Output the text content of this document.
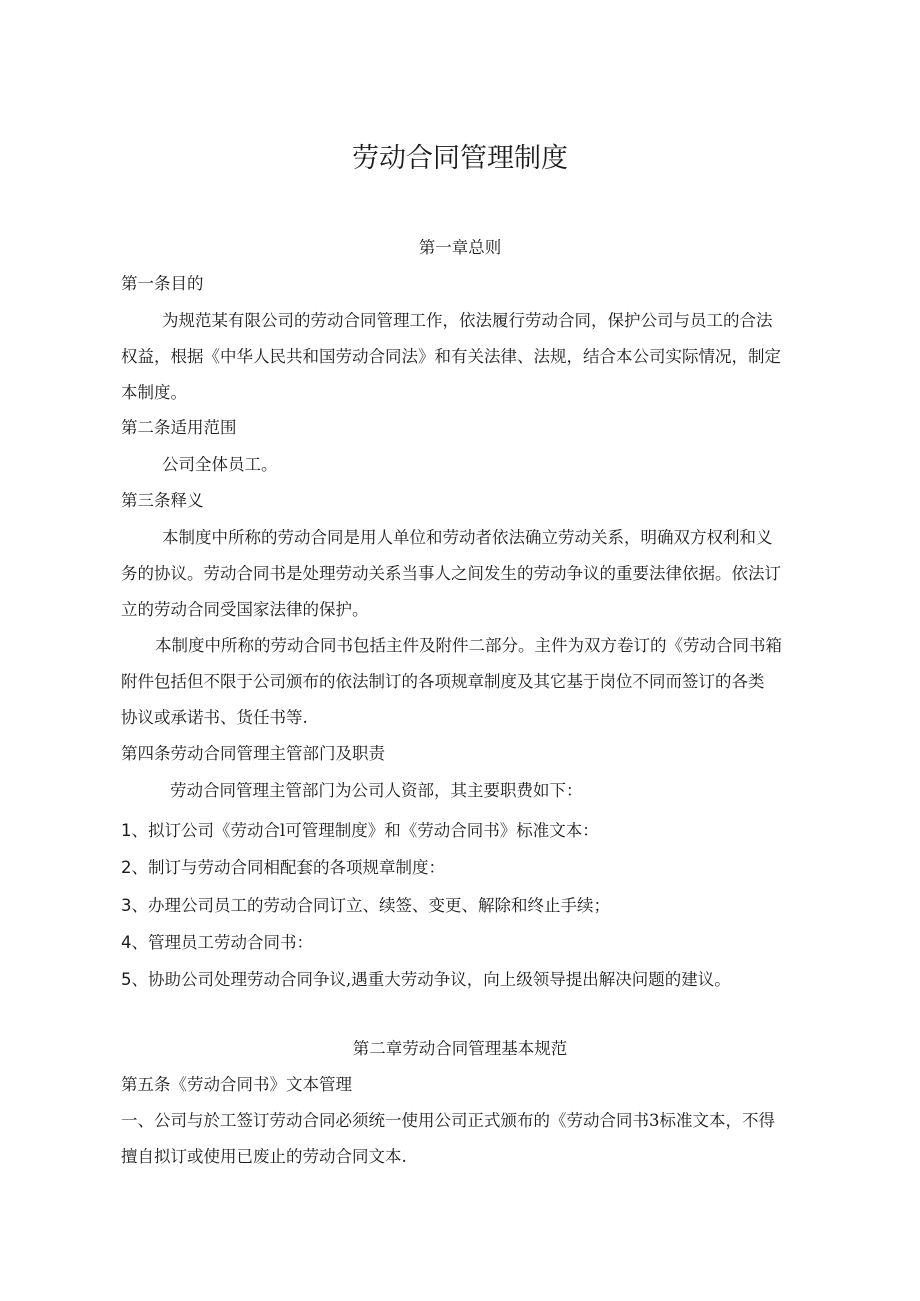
劳动合同管理制度
第一章总则
第一条目的
为规范某有限公司的劳动合同管理工作，依法履行劳动合同，保护公司与员工的合法
权益，根据《中华人民共和国劳动合同法》和有关法律、法规，结合本公司实际情况，制定
本制度。
第二条适用范围
公司全体员工。
第三条释义
本制度中所称的劳动合同是用人单位和劳动者依法确立劳动关系，明确双方权利和义
务的协议。劳动合同书是处理劳动关系当事人之间发生的劳动争议的重要法律依据。依法订
立的劳动合同受国家法律的保护。
本制度中所称的劳动合同书包括主件及附件二部分。主件为双方卷订的《劳动合同书箱
附件包括但不限于公司颁布的依法制订的各项规章制度及其它基于岗位不同而签订的各类
协议或承诺书、货任书等.
第四条劳动合同管理主管部门及职责
劳动合同管理主管部门为公司人资部，其主要职费如下：
1、拟订公司《劳动合l可管理制度》和《劳动合同书》标准文本：
2、制订与劳动合同相配套的各项规章制度：
3、办理公司员工的劳动合同订立、续签、变更、解除和终止手续；
4、管理员工劳动合同书：
5、协助公司处理劳动合同争议,遇重大劳动争议，向上级领导提出解决问题的建议。
第二章劳动合同管理基本规范
第五条《劳动合同书》文本管理
一、公司与於工签订劳动合同必须统一使用公司正式颁布的《劳动合同书3标准文本，不得
擅自拟订或使用已废止的劳动合同文本.
